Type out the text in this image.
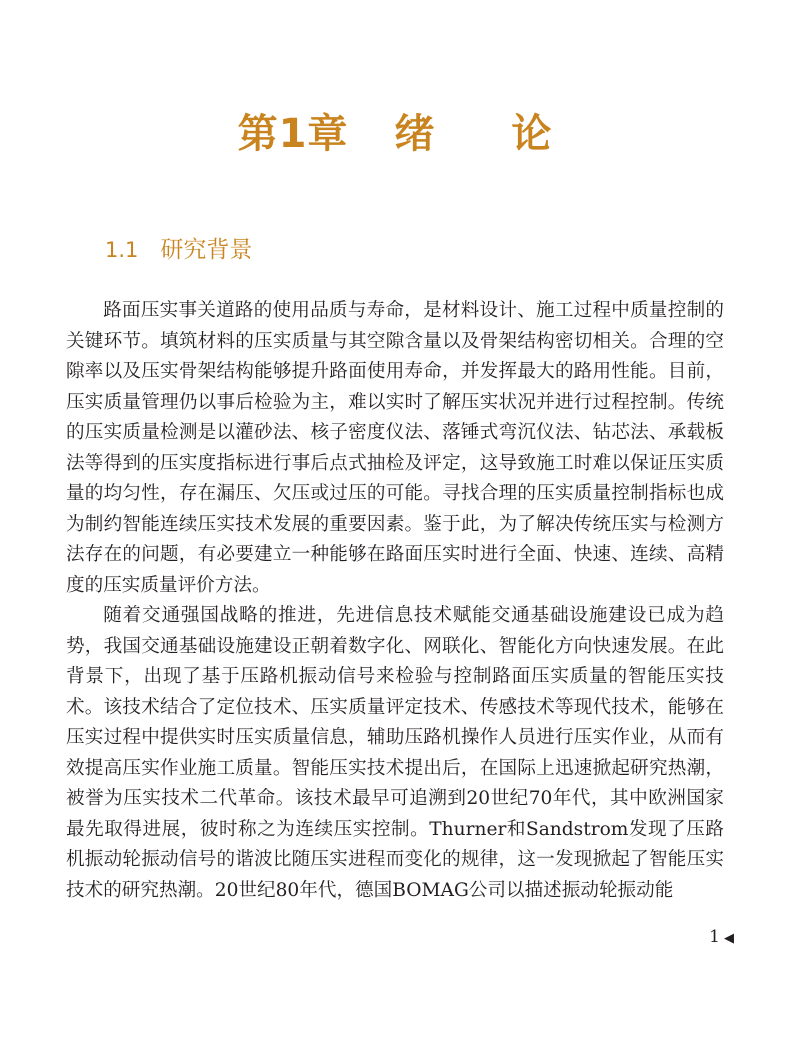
第1章 绪 论
1.1 研究背景

路面压实事关道路的使用品质与寿命，是材料设计、施工过程中质量控制的关键环节。填筑材料的压实质量与其空隙含量以及骨架结构密切相关。合理的空隙率以及压实骨架结构能够提升路面使用寿命，并发挥最大的路用性能。目前，压实质量管理仍以事后检验为主，难以实时了解压实状况并进行过程控制。传统的压实质量检测是以灌砂法、核子密度仪法、落锤式弯沉仪法、钻芯法、承载板法等得到的压实度指标进行事后点式抽检及评定，这导致施工时难以保证压实质量的均匀性，存在漏压、欠压或过压的可能。寻找合理的压实质量控制指标也成为制约智能连续压实技术发展的重要因素。鉴于此，为了解决传统压实与检测方法存在的问题，有必要建立一种能够在路面压实时进行全面、快速、连续、高精度的压实质量评价方法。

随着交通强国战略的推进，先进信息技术赋能交通基础设施建设已成为趋势，我国交通基础设施建设正朝着数字化、网联化、智能化方向快速发展。在此背景下，出现了基于压路机振动信号来检验与控制路面压实质量的智能压实技术。该技术结合了定位技术、压实质量评定技术、传感技术等现代技术，能够在压实过程中提供实时压实质量信息，辅助压路机操作人员进行压实作业，从而有效提高压实作业施工质量。智能压实技术提出后，在国际上迅速掀起研究热潮，被誉为压实技术二代革命。该技术最早可追溯到20世纪70年代，其中欧洲国家最先取得进展，彼时称之为连续压实控制。Thurner和Sandstrom发现了压路机振动轮振动信号的谐波比随压实进程而变化的规律，这一发现掀起了智能压实技术的研究热潮。20世纪80年代，德国BOMAG公司以描述振动轮振动能

1 ◀
